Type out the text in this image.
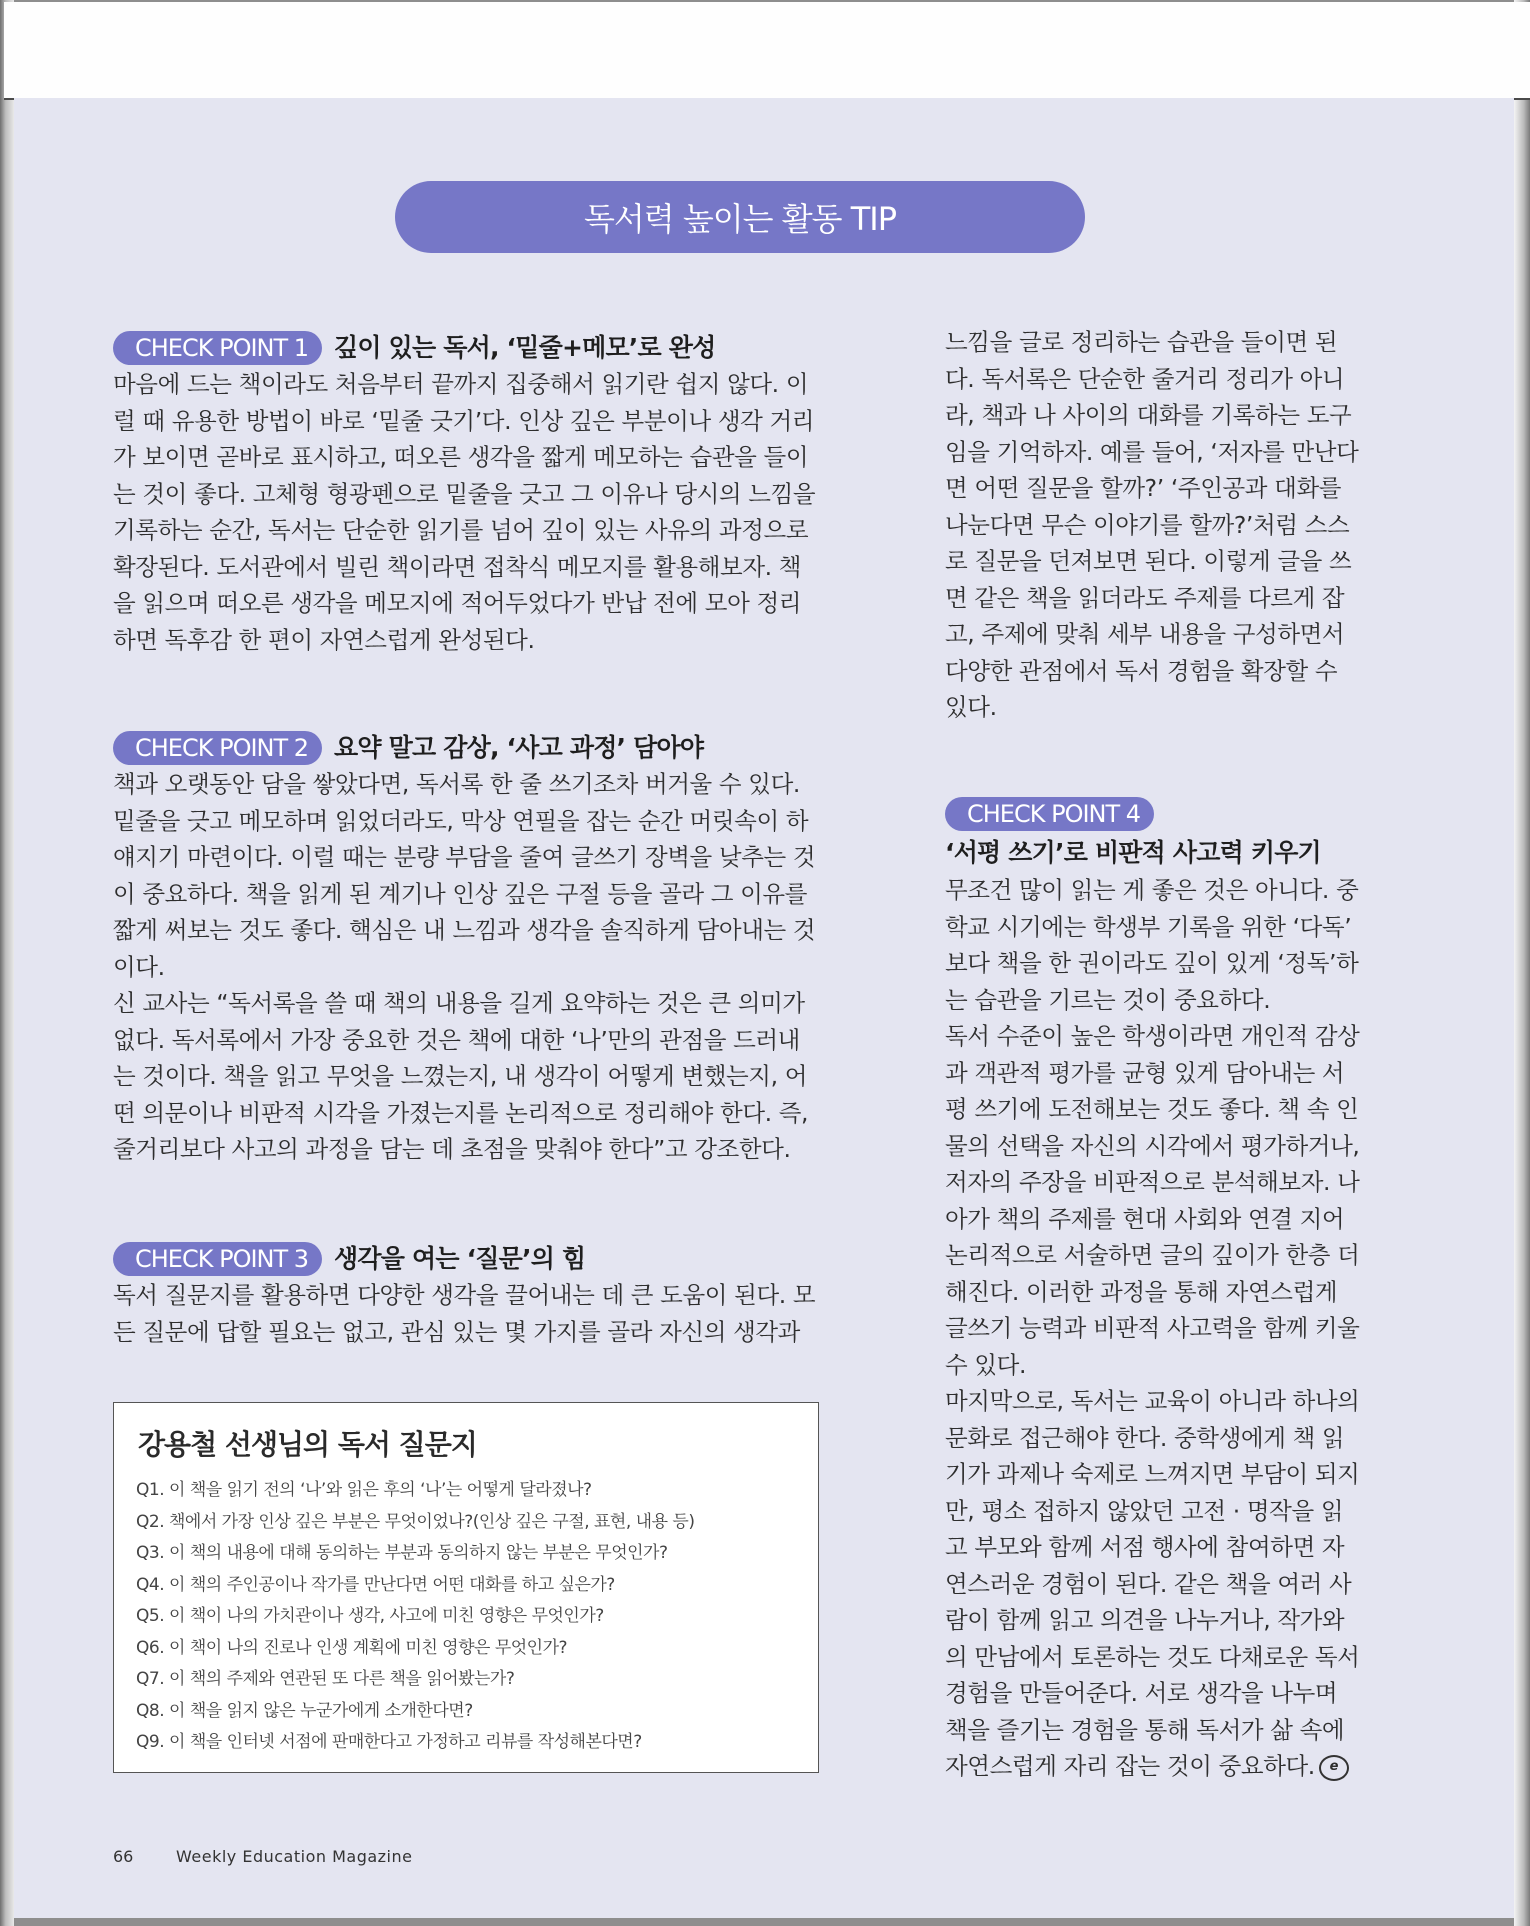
독서력 높이는 활동 TIP
CHECK POINT 1	깊이 있는 독서, ‘밑줄+메모’로 완성

마음에 드는 책이라도 처음부터 끝까지 집중해서 읽기란 쉽지 않다. 이

럴 때 유용한 방법이 바로 ‘밑줄 긋기’다. 인상 깊은 부분이나 생각 거리

가 보이면 곧바로 표시하고, 떠오른 생각을 짧게 메모하는 습관을 들이

는 것이 좋다. 고체형 형광펜으로 밑줄을 긋고 그 이유나 당시의 느낌을

기록하는 순간, 독서는 단순한 읽기를 넘어 깊이 있는 사유의 과정으로

확장된다. 도서관에서 빌린 책이라면 접착식 메모지를 활용해보자. 책

을 읽으며 떠오른 생각을 메모지에 적어두었다가 반납 전에 모아 정리

하면 독후감 한 편이 자연스럽게 완성된다.

CHECK POINT 2	요약 말고 감상, ‘사고 과정’ 담아야

책과 오랫동안 담을 쌓았다면, 독서록 한 줄 쓰기조차 버거울 수 있다.

밑줄을 긋고 메모하며 읽었더라도, 막상 연필을 잡는 순간 머릿속이 하

얘지기 마련이다. 이럴 때는 분량 부담을 줄여 글쓰기 장벽을 낮추는 것

이 중요하다. 책을 읽게 된 계기나 인상 깊은 구절 등을 골라 그 이유를

짧게 써보는 것도 좋다. 핵심은 내 느낌과 생각을 솔직하게 담아내는 것

이다.

신 교사는 “독서록을 쓸 때 책의 내용을 길게 요약하는 것은 큰 의미가

없다. 독서록에서 가장 중요한 것은 책에 대한 ‘나’만의 관점을 드러내

는 것이다. 책을 읽고 무엇을 느꼈는지, 내 생각이 어떻게 변했는지, 어

떤 의문이나 비판적 시각을 가졌는지를 논리적으로 정리해야 한다. 즉,

줄거리보다 사고의 과정을 담는 데 초점을 맞춰야 한다”고 강조한다.

CHECK POINT 3	생각을 여는 ‘질문’의 힘

독서 질문지를 활용하면 다양한 생각을 끌어내는 데 큰 도움이 된다. 모

든 질문에 답할 필요는 없고, 관심 있는 몇 가지를 골라 자신의 생각과

강용철 선생님의 독서 질문지
Q1. 이 책을 읽기 전의 ‘나’와 읽은 후의 ‘나’는 어떻게 달라졌나?
Q2. 책에서 가장 인상 깊은 부분은 무엇이었나?(인상 깊은 구절, 표현, 내용 등)
Q3. 이 책의 내용에 대해 동의하는 부분과 동의하지 않는 부분은 무엇인가?
Q4. 이 책의 주인공이나 작가를 만난다면 어떤 대화를 하고 싶은가?
Q5. 이 책이 나의 가치관이나 생각, 사고에 미친 영향은 무엇인가?
Q6. 이 책이 나의 진로나 인생 계획에 미친 영향은 무엇인가?
Q7. 이 책의 주제와 연관된 또 다른 책을 읽어봤는가?
Q8. 이 책을 읽지 않은 누군가에게 소개한다면?
Q9. 이 책을 인터넷 서점에 판매한다고 가정하고 리뷰를 작성해본다면?

느낌을 글로 정리하는 습관을 들이면 된

다. 독서록은 단순한 줄거리 정리가 아니

라, 책과 나 사이의 대화를 기록하는 도구

임을 기억하자. 예를 들어, ‘저자를 만난다

면 어떤 질문을 할까?’ ‘주인공과 대화를

나눈다면 무슨 이야기를 할까?’처럼 스스

로 질문을 던져보면 된다. 이렇게 글을 쓰

면 같은 책을 읽더라도 주제를 다르게 잡

고, 주제에 맞춰 세부 내용을 구성하면서

다양한 관점에서 독서 경험을 확장할 수

있다.

CHECK POINT 4
‘서평 쓰기’로 비판적 사고력 키우기

무조건 많이 읽는 게 좋은 것은 아니다. 중

학교 시기에는 학생부 기록을 위한 ‘다독’

보다 책을 한 권이라도 깊이 있게 ‘정독’하

는 습관을 기르는 것이 중요하다.

독서 수준이 높은 학생이라면 개인적 감상

과 객관적 평가를 균형 있게 담아내는 서

평 쓰기에 도전해보는 것도 좋다. 책 속 인

물의 선택을 자신의 시각에서 평가하거나,

저자의 주장을 비판적으로 분석해보자. 나

아가 책의 주제를 현대 사회와 연결 지어

논리적으로 서술하면 글의 깊이가 한층 더

해진다. 이러한 과정을 통해 자연스럽게

글쓰기 능력과 비판적 사고력을 함께 키울

수 있다.

마지막으로, 독서는 교육이 아니라 하나의

문화로 접근해야 한다. 중학생에게 책 읽

기가 과제나 숙제로 느껴지면 부담이 되지

만, 평소 접하지 않았던 고전 · 명작을 읽

고 부모와 함께 서점 행사에 참여하면 자

연스러운 경험이 된다. 같은 책을 여러 사

람이 함께 읽고 의견을 나누거나, 작가와

의 만남에서 토론하는 것도 다채로운 독서

경험을 만들어준다. 서로 생각을 나누며

책을 즐기는 경험을 통해 독서가 삶 속에

자연스럽게 자리 잡는 것이 중요하다. e

66	Weekly Education Magazine
